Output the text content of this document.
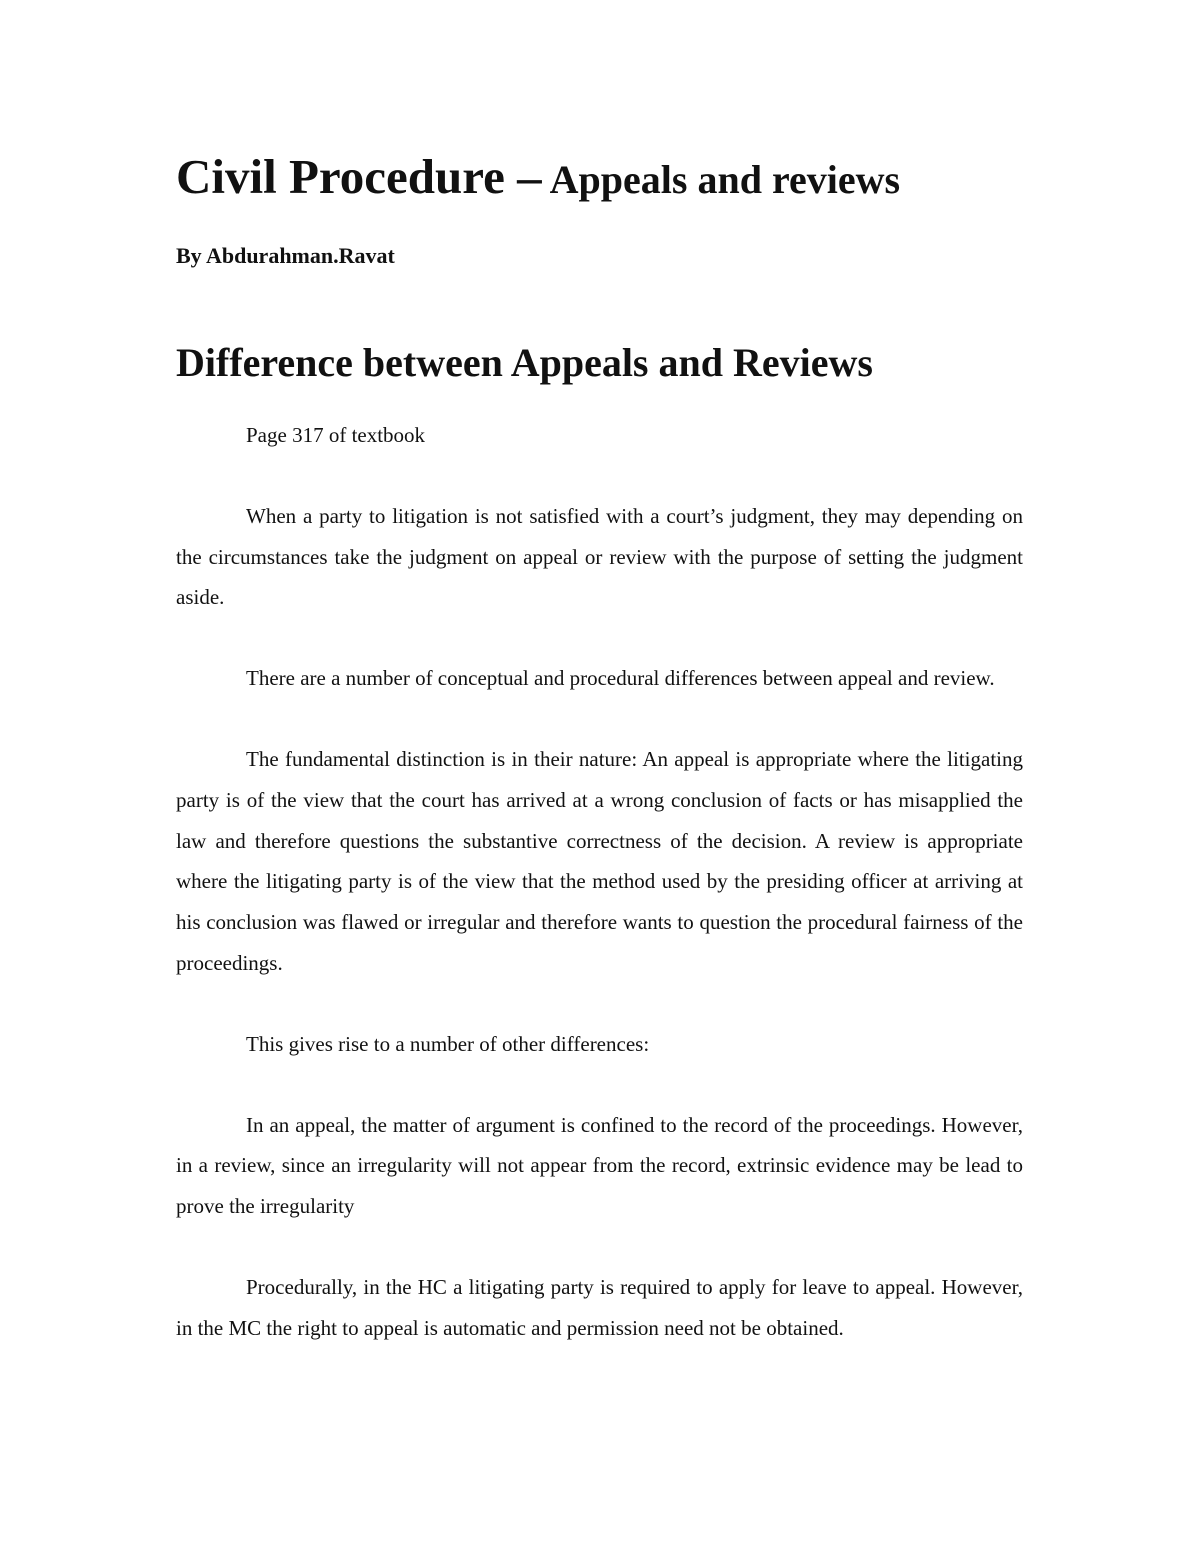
Civil Procedure – Appeals and reviews

By Abdurahman.Ravat

Difference between Appeals and Reviews

Page 317 of textbook

When a party to litigation is not satisfied with a court’s judgment, they may depending on the circumstances take the judgment on appeal or review with the purpose of setting the judgment aside.

There are a number of conceptual and procedural differences between appeal and review.

The fundamental distinction is in their nature: An appeal is appropriate where the litigating party is of the view that the court has arrived at a wrong conclusion of facts or has misapplied the law and therefore questions the substantive correctness of the decision. A review is appropriate where the litigating party is of the view that the method used by the presiding officer at arriving at his conclusion was flawed or irregular and therefore wants to question the procedural fairness of the proceedings.

This gives rise to a number of other differences:

In an appeal, the matter of argument is confined to the record of the proceedings. However, in a review, since an irregularity will not appear from the record, extrinsic evidence may be lead to prove the irregularity

Procedurally, in the HC a litigating party is required to apply for leave to appeal. However, in the MC the right to appeal is automatic and permission need not be obtained.
